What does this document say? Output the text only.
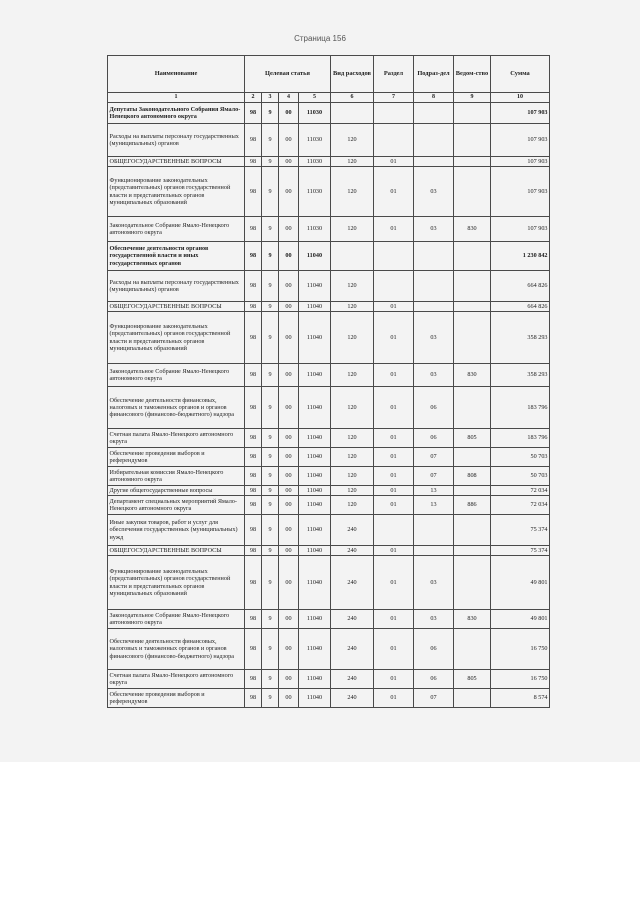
Страница 156
Наименование	Целевая статья				Вид расходов	Раздел	Подраз-дел	Ведом-ство	Сумма
1	2	3	4	5	6	7	8	9	10
Депутаты Законодательного Собрания Ямало-Ненецкого автономного округа	98	9	00	11030					107 903
Расходы на выплаты персоналу государственных (муниципальных) органов	98	9	00	11030	120				107 903
ОБЩЕГОСУДАРСТВЕННЫЕ ВОПРОСЫ	98	9	00	11030	120	01			107 903
Функционирование законодательных (представительных) органов государственной власти и представительных органов муниципальных образований	98	9	00	11030	120	01	03		107 903
Законодательное Собрание Ямало-Ненецкого автономного округа	98	9	00	11030	120	01	03	830	107 903
Обеспечение деятельности органов государственной власти и иных государственных органов	98	9	00	11040					1 230 842
Расходы на выплаты персоналу государственных (муниципальных) органов	98	9	00	11040	120				664 826
ОБЩЕГОСУДАРСТВЕННЫЕ ВОПРОСЫ	98	9	00	11040	120	01			664 826
Функционирование законодательных (представительных) органов государственной власти и представительных органов муниципальных образований	98	9	00	11040	120	01	03		358 293
Законодательное Собрание Ямало-Ненецкого автономного округа	98	9	00	11040	120	01	03	830	358 293
Обеспечение деятельности финансовых, налоговых и таможенных органов и органов финансового (финансово-бюджетного) надзора	98	9	00	11040	120	01	06		183 796
Счетная палата Ямало-Ненецкого автономного округа	98	9	00	11040	120	01	06	805	183 796
Обеспечение проведения выборов и референдумов	98	9	00	11040	120	01	07		50 703
Избирательная комиссия Ямало-Ненецкого автономного округа	98	9	00	11040	120	01	07	808	50 703
Другие общегосударственные вопросы	98	9	00	11040	120	01	13		72 034
Департамент специальных мероприятий Ямало-Ненецкого автономного округа	98	9	00	11040	120	01	13	886	72 034
Иные закупки товаров, работ и услуг для обеспечения государственных (муниципальных) нужд	98	9	00	11040	240				75 374
ОБЩЕГОСУДАРСТВЕННЫЕ ВОПРОСЫ	98	9	00	11040	240	01			75 374
Функционирование законодательных (представительных) органов государственной власти и представительных органов муниципальных образований	98	9	00	11040	240	01	03		49 801
Законодательное Собрание Ямало-Ненецкого автономного округа	98	9	00	11040	240	01	03	830	49 801
Обеспечение деятельности финансовых, налоговых и таможенных органов и органов финансового (финансово-бюджетного) надзора	98	9	00	11040	240	01	06		16 750
Счетная палата Ямало-Ненецкого автономного округа	98	9	00	11040	240	01	06	805	16 750
Обеспечение проведения выборов и референдумов	98	9	00	11040	240	01	07		8 574
